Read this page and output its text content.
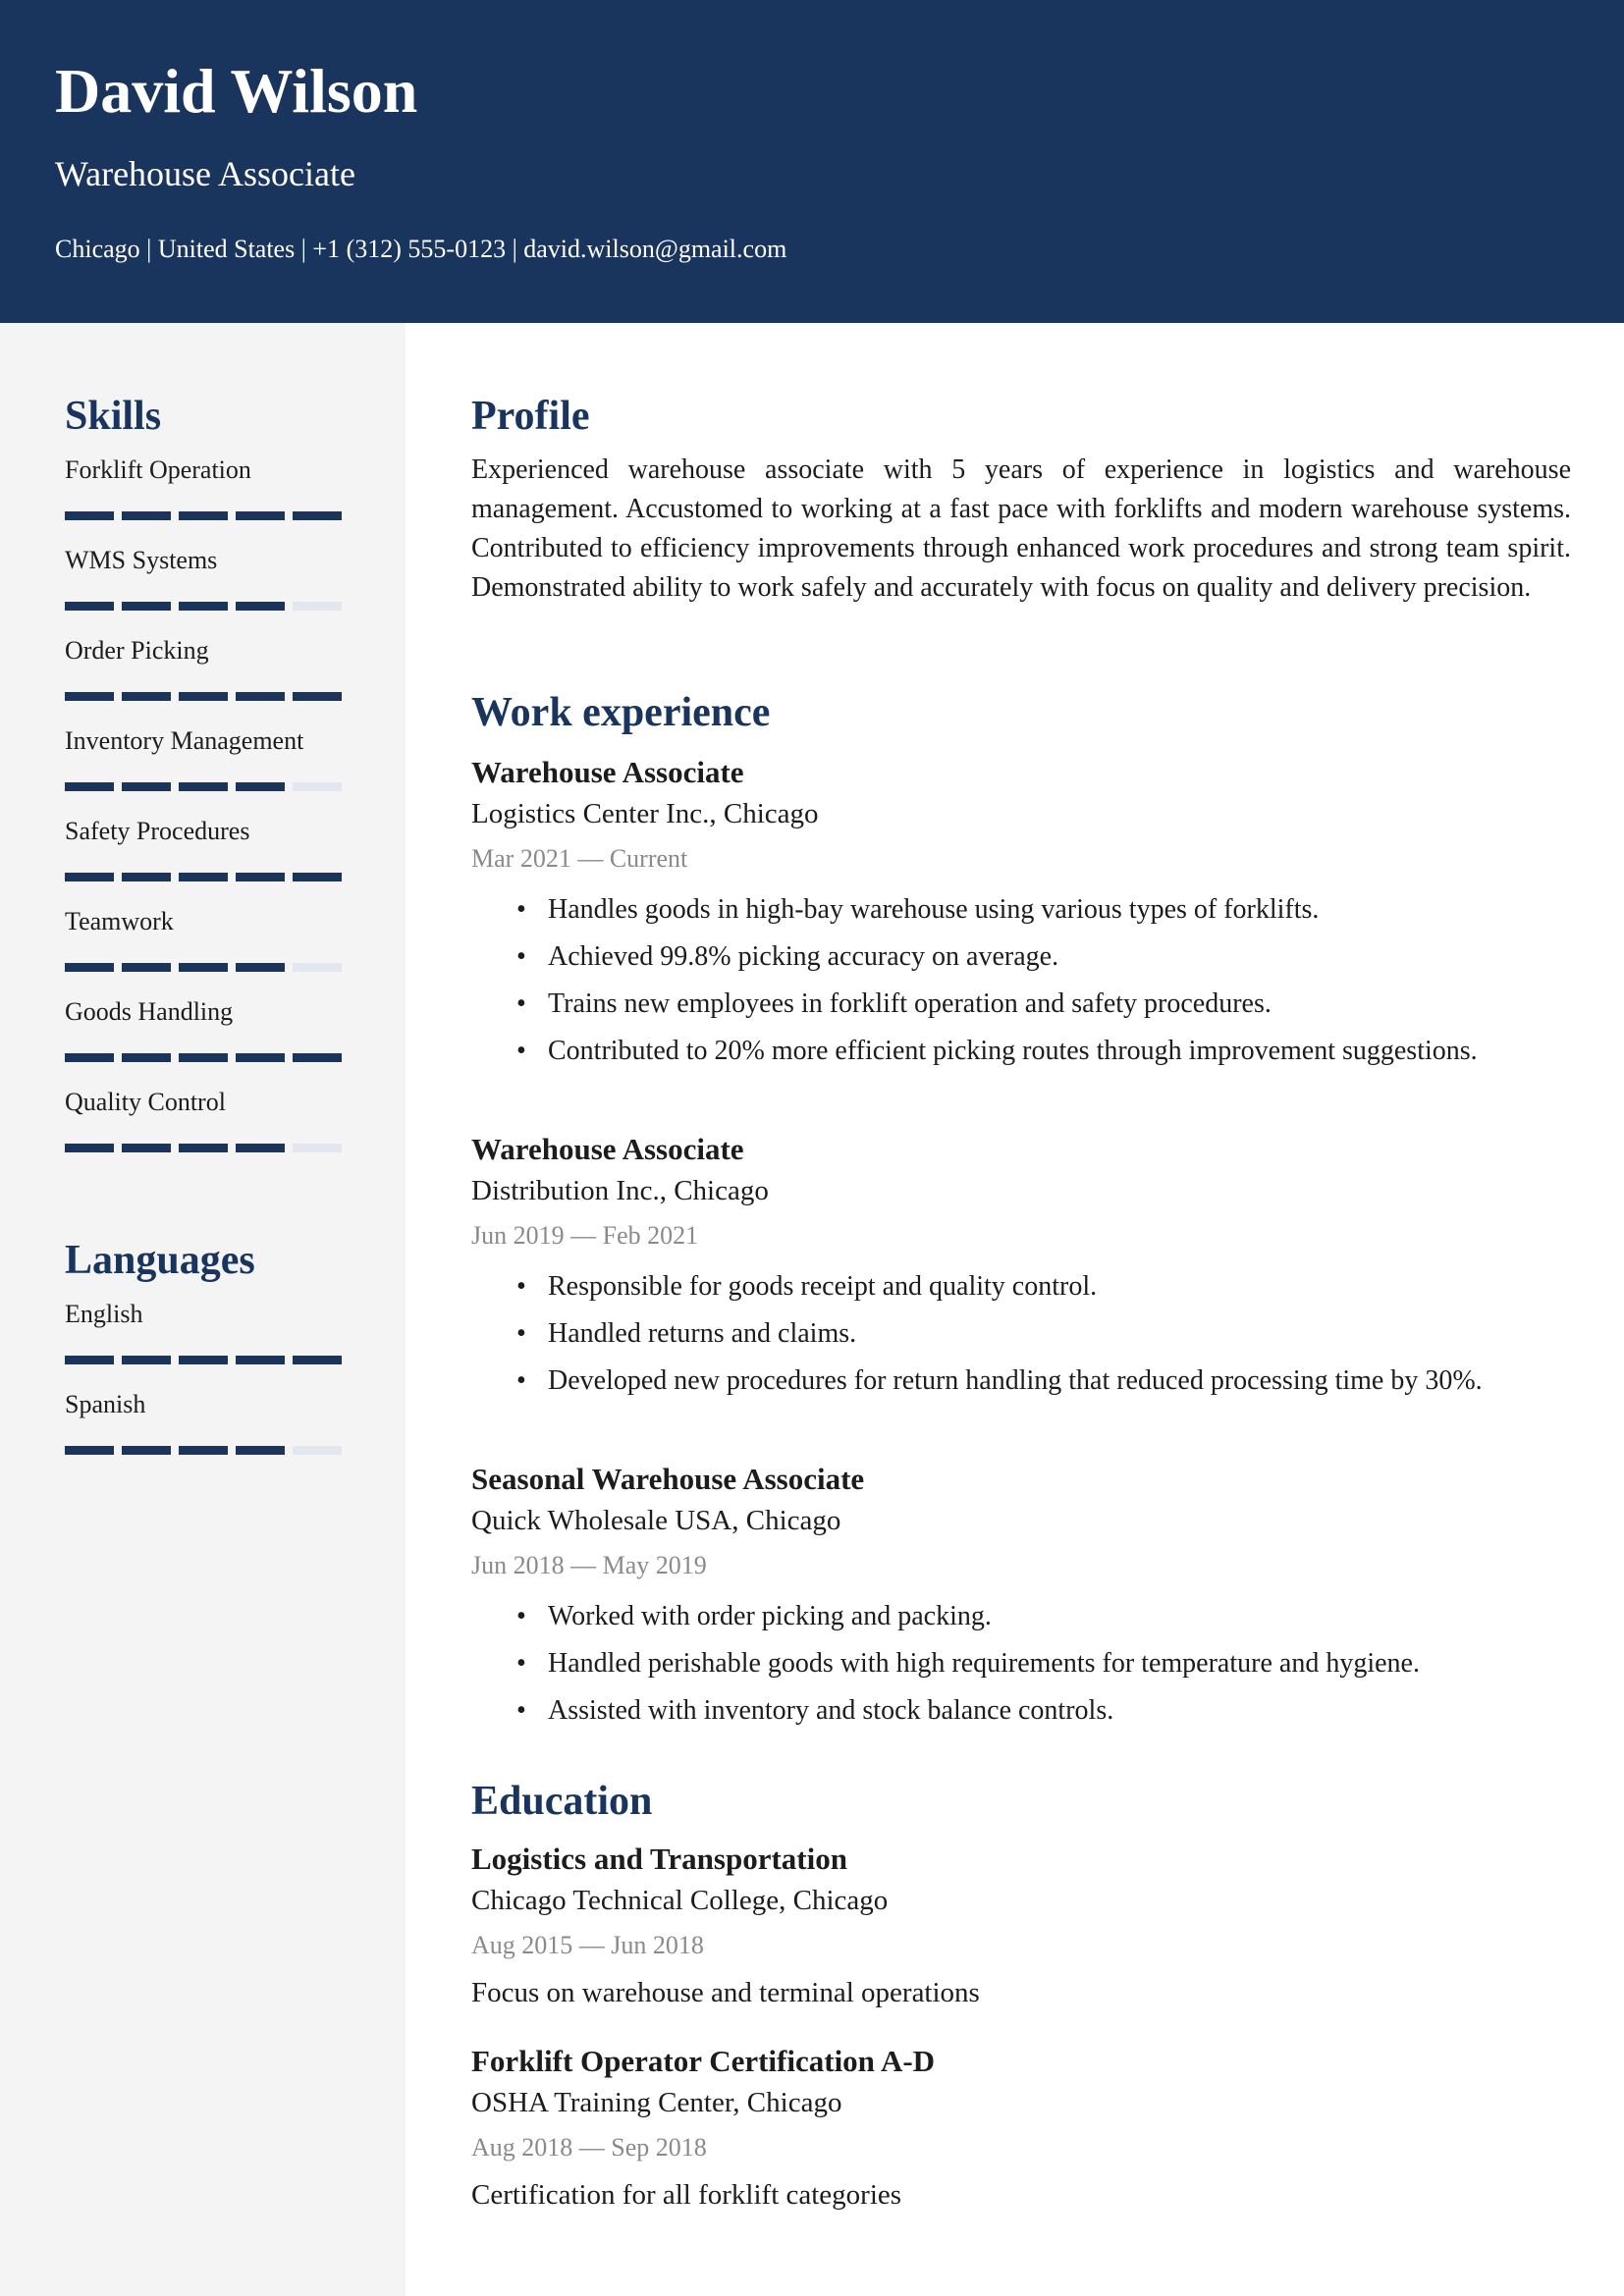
David Wilson
Warehouse Associate
Chicago | United States | +1 (312) 555-0123 | david.wilson@gmail.com
Skills
Forklift Operation
WMS Systems
Order Picking
Inventory Management
Safety Procedures
Teamwork
Goods Handling
Quality Control
Languages
English
Spanish
Profile

Experienced warehouse associate with 5 years of experience in logistics and warehouse management. Accustomed to working at a fast pace with forklifts and modern warehouse systems. Contributed to efficiency improvements through enhanced work procedures and strong team spirit. Demonstrated ability to work safely and accurately with focus on quality and delivery precision.

Work experience
Warehouse Associate
Logistics Center Inc., Chicago
Mar 2021 — Current
• Handles goods in high-bay warehouse using various types of forklifts.
• Achieved 99.8% picking accuracy on average.
• Trains new employees in forklift operation and safety procedures.
• Contributed to 20% more efficient picking routes through improvement suggestions.
Warehouse Associate
Distribution Inc., Chicago
Jun 2019 — Feb 2021
• Responsible for goods receipt and quality control.
• Handled returns and claims.
• Developed new procedures for return handling that reduced processing time by 30%.
Seasonal Warehouse Associate
Quick Wholesale USA, Chicago
Jun 2018 — May 2019
• Worked with order picking and packing.
• Handled perishable goods with high requirements for temperature and hygiene.
• Assisted with inventory and stock balance controls.
Education
Logistics and Transportation
Chicago Technical College, Chicago
Aug 2015 — Jun 2018
Focus on warehouse and terminal operations
Forklift Operator Certification A-D
OSHA Training Center, Chicago
Aug 2018 — Sep 2018
Certification for all forklift categories
